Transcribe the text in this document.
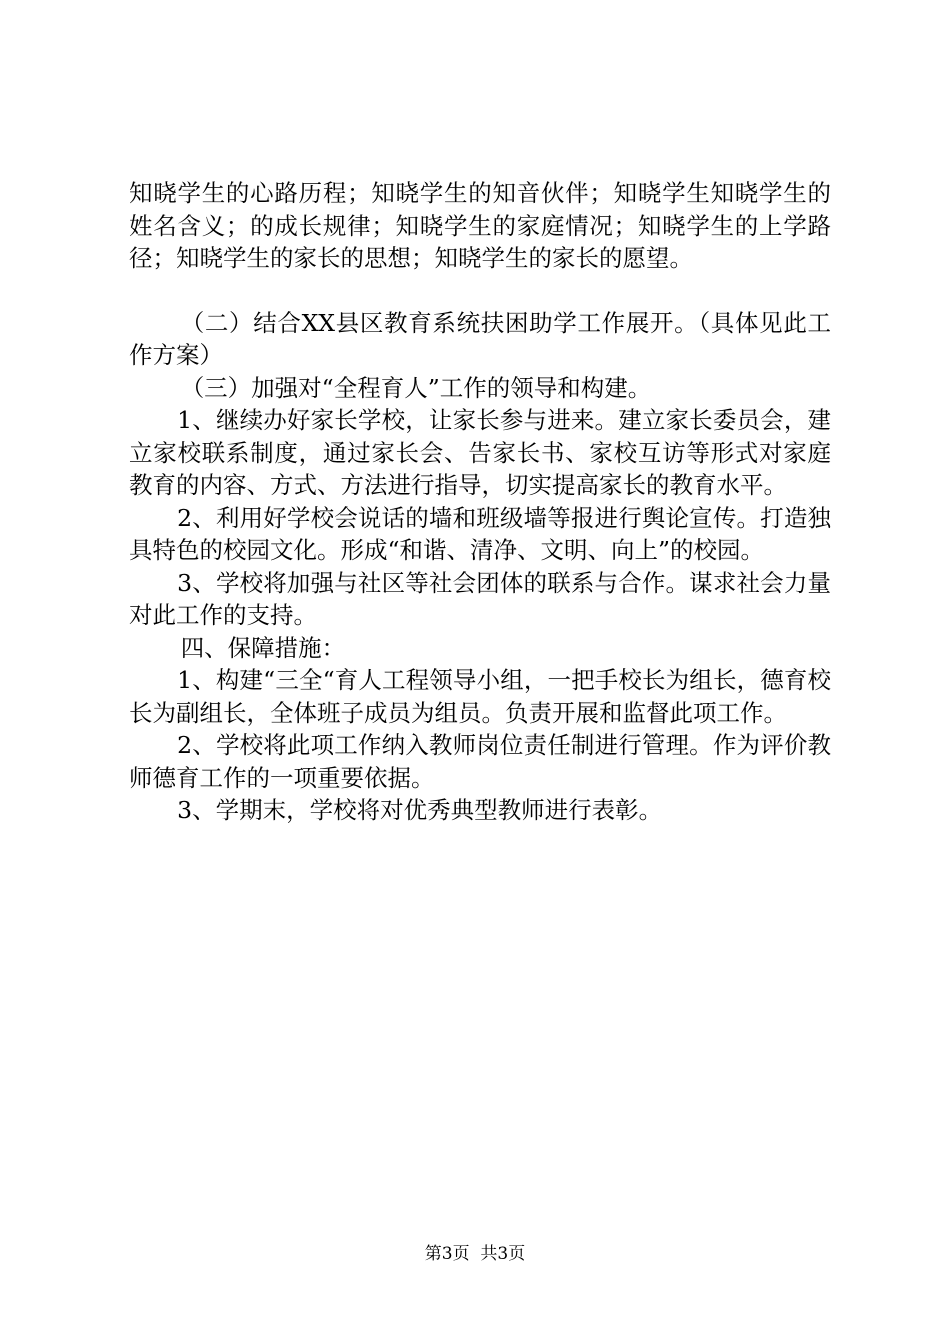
知晓学生的心路历程；知晓学生的知音伙伴；知晓学生知晓学生的姓名含义；的成长规律；知晓学生的家庭情况；知晓学生的上学路径；知晓学生的家长的思想；知晓学生的家长的愿望。

（二）结合XX县区教育系统扶困助学工作展开。（具体见此工作方案）

（三）加强对“全程育人”工作的领导和构建。

1、继续办好家长学校，让家长参与进来。建立家长委员会，建立家校联系制度，通过家长会、告家长书、家校互访等形式对家庭教育的内容、方式、方法进行指导，切实提高家长的教育水平。

2、利用好学校会说话的墙和班级墙等报进行舆论宣传。打造独具特色的校园文化。形成“和谐、清净、文明、向上”的校园。

3、学校将加强与社区等社会团体的联系与合作。谋求社会力量对此工作的支持。

四、保障措施：

1、构建“三全“育人工程领导小组，一把手校长为组长，德育校长为副组长，全体班子成员为组员。负责开展和监督此项工作。

2、学校将此项工作纳入教师岗位责任制进行管理。作为评价教师德育工作的一项重要依据。

3、学期末，学校将对优秀典型教师进行表彰。

第3页  共3页
